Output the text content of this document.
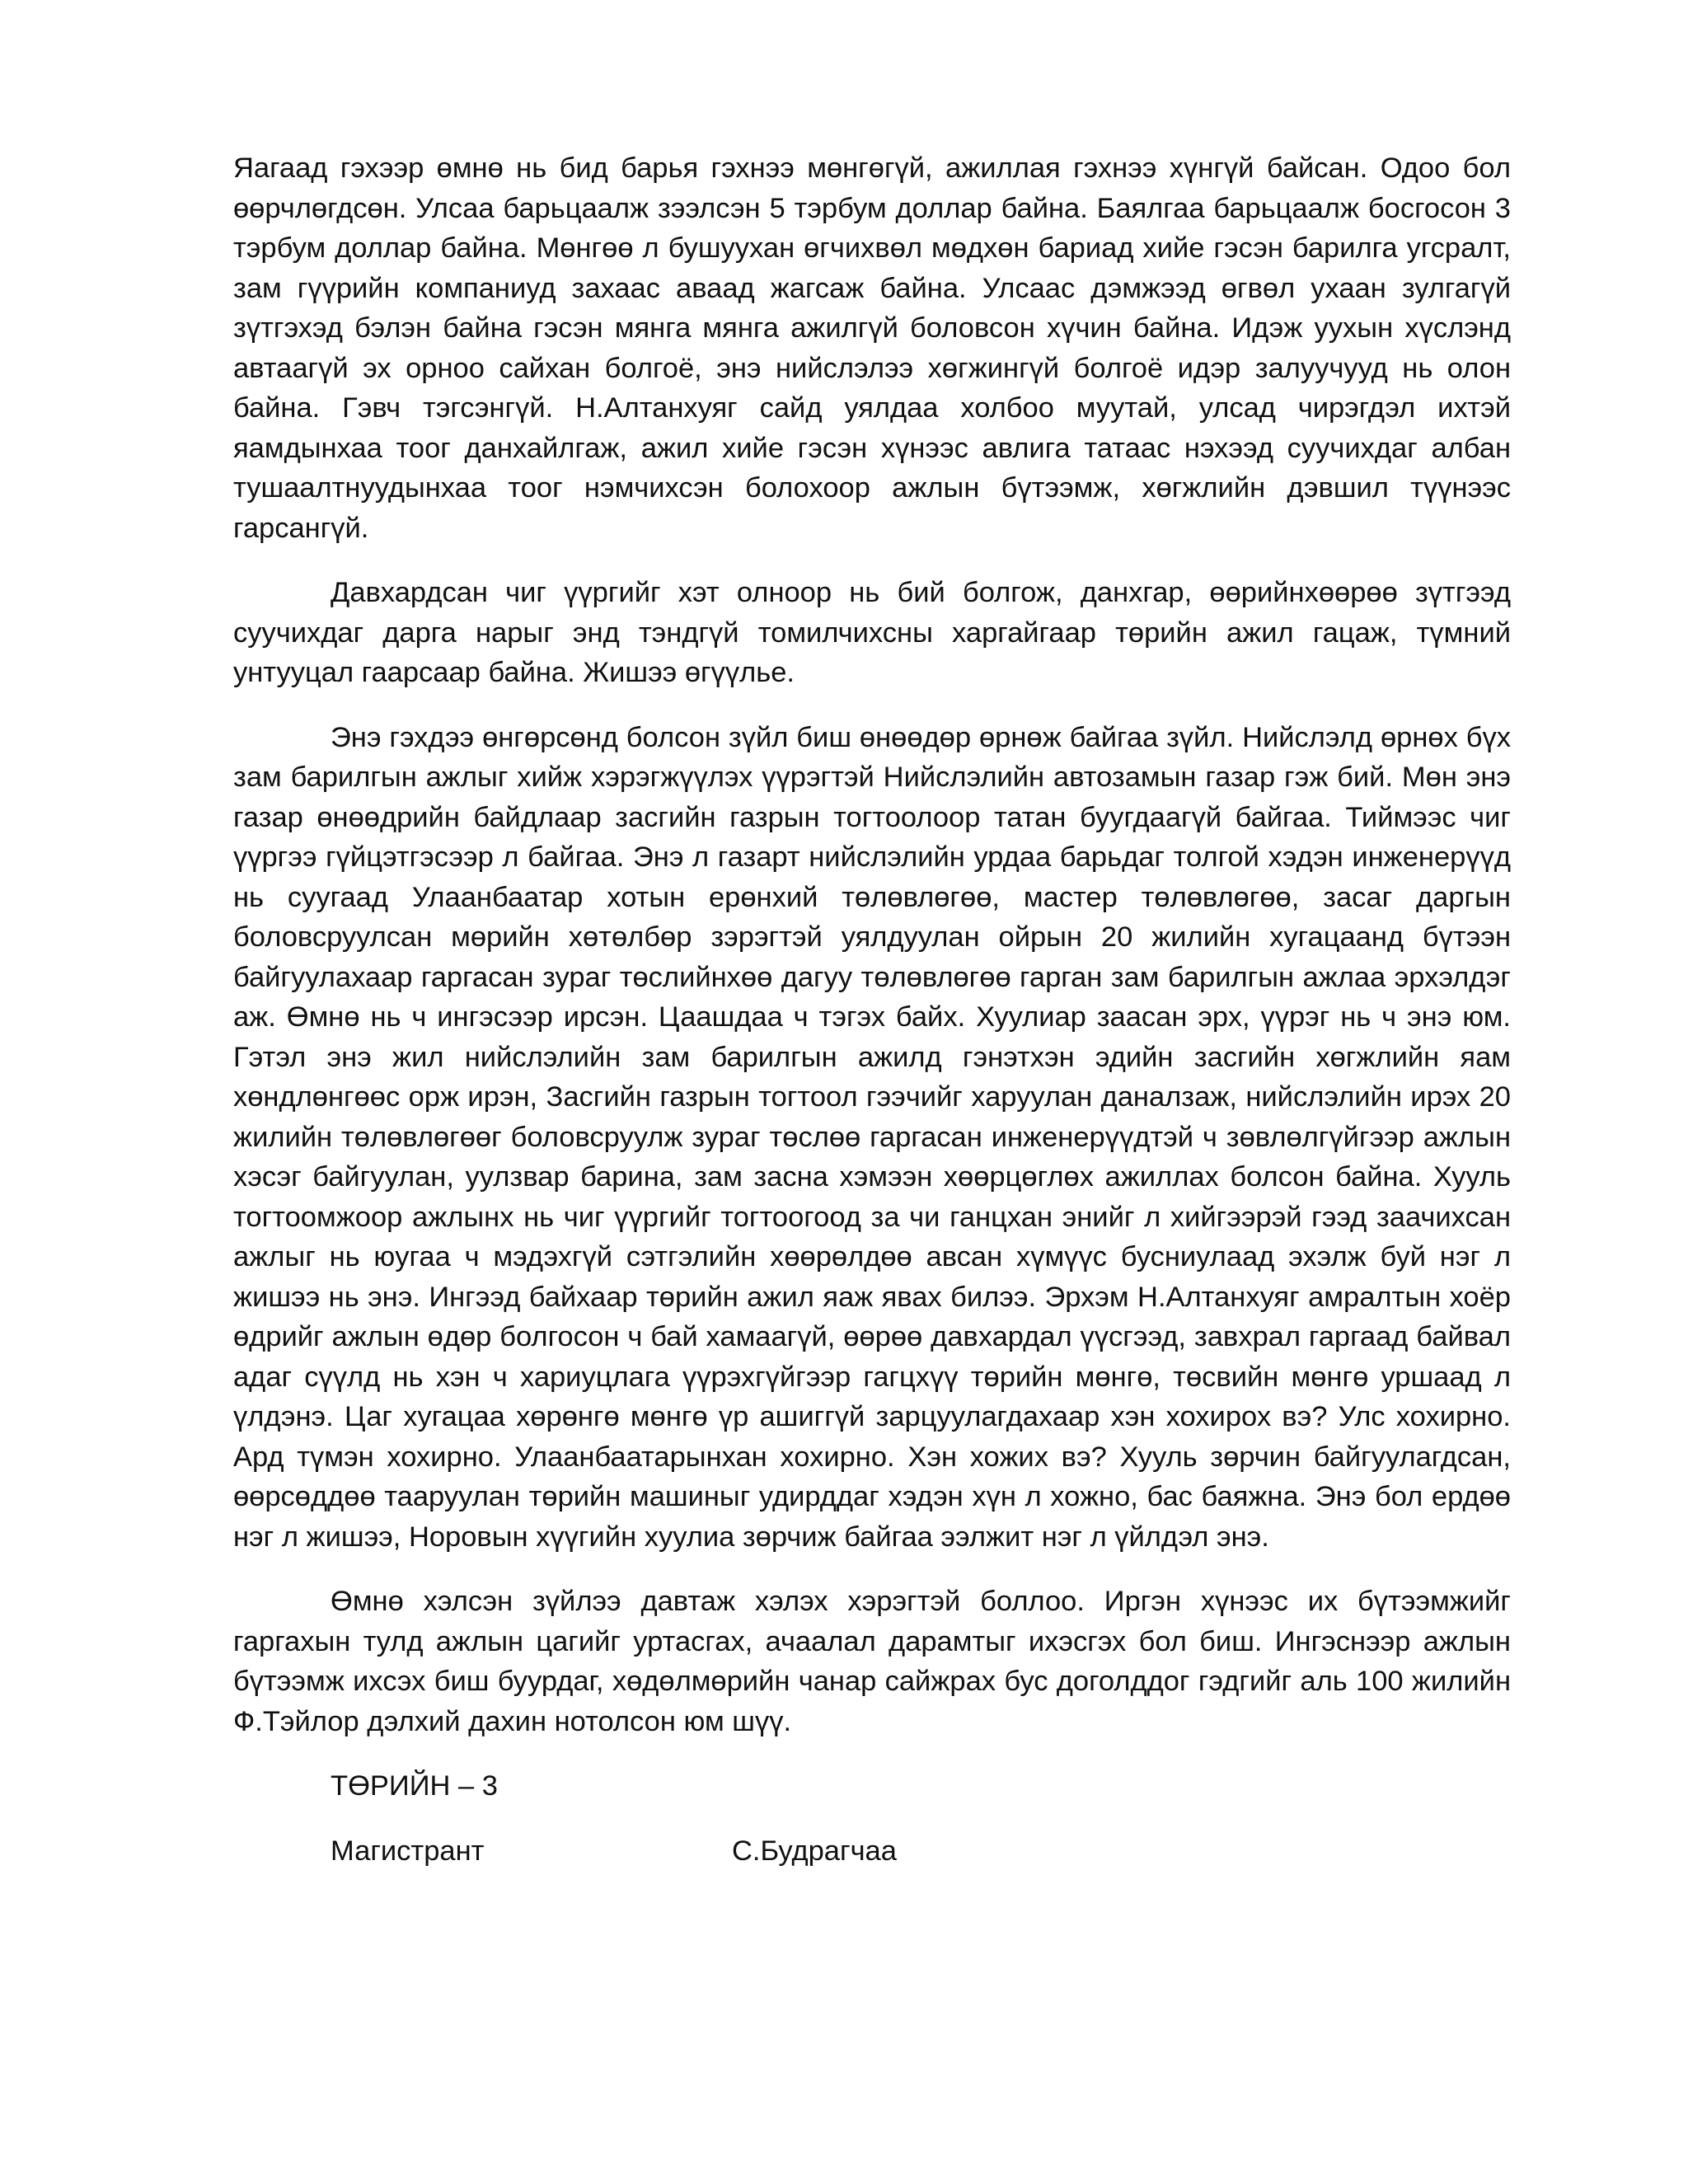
Яагаад гэхээр өмнө нь бид барья гэхнээ мөнгөгүй, ажиллая гэхнээ хүнгүй байсан. Одоо бол өөрчлөгдсөн. Улсаа барьцаалж зээлсэн 5 тэрбум доллар байна. Баялгаа барьцаалж босгосон 3 тэрбум доллар байна. Мөнгөө л бушуухан өгчихвөл мөдхөн бариад хийе гэсэн барилга угсралт, зам гүүрийн компаниуд захаас аваад жагсаж байна. Улсаас дэмжээд өгвөл ухаан зулгагүй зүтгэхэд бэлэн байна гэсэн мянга мянга ажилгүй боловсон хүчин байна. Идэж уухын хүслэнд автаагүй эх орноо сайхан болгоё, энэ нийслэлээ хөгжингүй болгоё идэр залуучууд нь олон байна. Гэвч тэгсэнгүй. Н.Алтанхуяг сайд уялдаа холбоо муутай, улсад чирэгдэл ихтэй яамдынхаа тоог данхайлгаж, ажил хийе гэсэн хүнээс авлига татаас нэхээд суучихдаг албан тушаалтнуудынхаа тоог нэмчихсэн болохоор ажлын бүтээмж, хөгжлийн дэвшил түүнээс гарсангүй.

Давхардсан чиг үүргийг хэт олноор нь бий болгож, данхгар, өөрийнхөөрөө зүтгээд суучихдаг дарга нарыг энд тэндгүй томилчихсны харгайгаар төрийн ажил гацаж, түмний унтууцал гаарсаар байна. Жишээ өгүүлье.

Энэ гэхдээ өнгөрсөнд болсон зүйл биш өнөөдөр өрнөж байгаа зүйл. Нийслэлд өрнөх бүх зам барилгын ажлыг хийж хэрэгжүүлэх үүрэгтэй Нийслэлийн автозамын газар гэж бий. Мөн энэ газар өнөөдрийн байдлаар засгийн газрын тогтоолоор татан буугдаагүй байгаа. Тиймээс чиг үүргээ гүйцэтгэсээр л байгаа. Энэ л газарт нийслэлийн урдаа барьдаг толгой хэдэн инженерүүд нь суугаад Улаанбаатар хотын ерөнхий төлөвлөгөө, мастер төлөвлөгөө, засаг даргын боловсруулсан мөрийн хөтөлбөр зэрэгтэй уялдуулан ойрын 20 жилийн хугацаанд бүтээн байгуулахаар гаргасан зураг төслийнхөө дагуу төлөвлөгөө гарган зам барилгын ажлаа эрхэлдэг аж. Өмнө нь ч ингэсээр ирсэн. Цаашдаа ч тэгэх байх. Хуулиар заасан эрх, үүрэг нь ч энэ юм. Гэтэл энэ жил нийслэлийн зам барилгын ажилд гэнэтхэн эдийн засгийн хөгжлийн яам хөндлөнгөөс орж ирэн, Засгийн газрын тогтоол гээчийг харуулан даналзаж, нийслэлийн ирэх 20 жилийн төлөвлөгөөг боловсруулж зураг төслөө гаргасан инженерүүдтэй ч зөвлөлгүйгээр ажлын хэсэг байгуулан, уулзвар барина, зам засна хэмээн хөөрцөглөх ажиллах болсон байна. Хууль тогтоомжоор ажлынх нь чиг үүргийг тогтоогоод за чи ганцхан энийг л хийгээрэй гээд заачихсан ажлыг нь юугаа ч мэдэхгүй сэтгэлийн хөөрөлдөө авсан хүмүүс бусниулаад эхэлж буй нэг л жишээ нь энэ. Ингээд байхаар төрийн ажил яаж явах билээ. Эрхэм Н.Алтанхуяг амралтын хоёр өдрийг ажлын өдөр болгосон ч бай хамаагүй, өөрөө давхардал үүсгээд, завхрал гаргаад байвал адаг сүүлд нь хэн ч хариуцлага үүрэхгүйгээр гагцхүү төрийн мөнгө, төсвийн мөнгө уршаад л үлдэнэ. Цаг хугацаа хөрөнгө мөнгө үр ашиггүй зарцуулагдахаар хэн хохирох вэ? Улс хохирно. Ард түмэн хохирно. Улаанбаатарынхан хохирно. Хэн хожих вэ? Хууль зөрчин байгуулагдсан, өөрсөддөө тааруулан төрийн машиныг удирддаг хэдэн хүн л хожно, бас баяжна. Энэ бол ердөө нэг л жишээ, Норовын хүүгийн хуулиа зөрчиж байгаа ээлжит нэг л үйлдэл энэ.

Өмнө хэлсэн зүйлээ давтаж хэлэх хэрэгтэй боллоо. Иргэн хүнээс их бүтээмжийг гаргахын тулд ажлын цагийг уртасгах, ачаалал дарамтыг ихэсгэх бол биш. Ингэснээр ажлын бүтээмж ихсэх биш буурдаг, хөдөлмөрийн чанар сайжрах бус доголддог гэдгийг аль 100 жилийн Ф.Тэйлор дэлхий дахин нотолсон юм шүү.

ТӨРИЙН – 3

Магистрант	С.Будрагчаа
